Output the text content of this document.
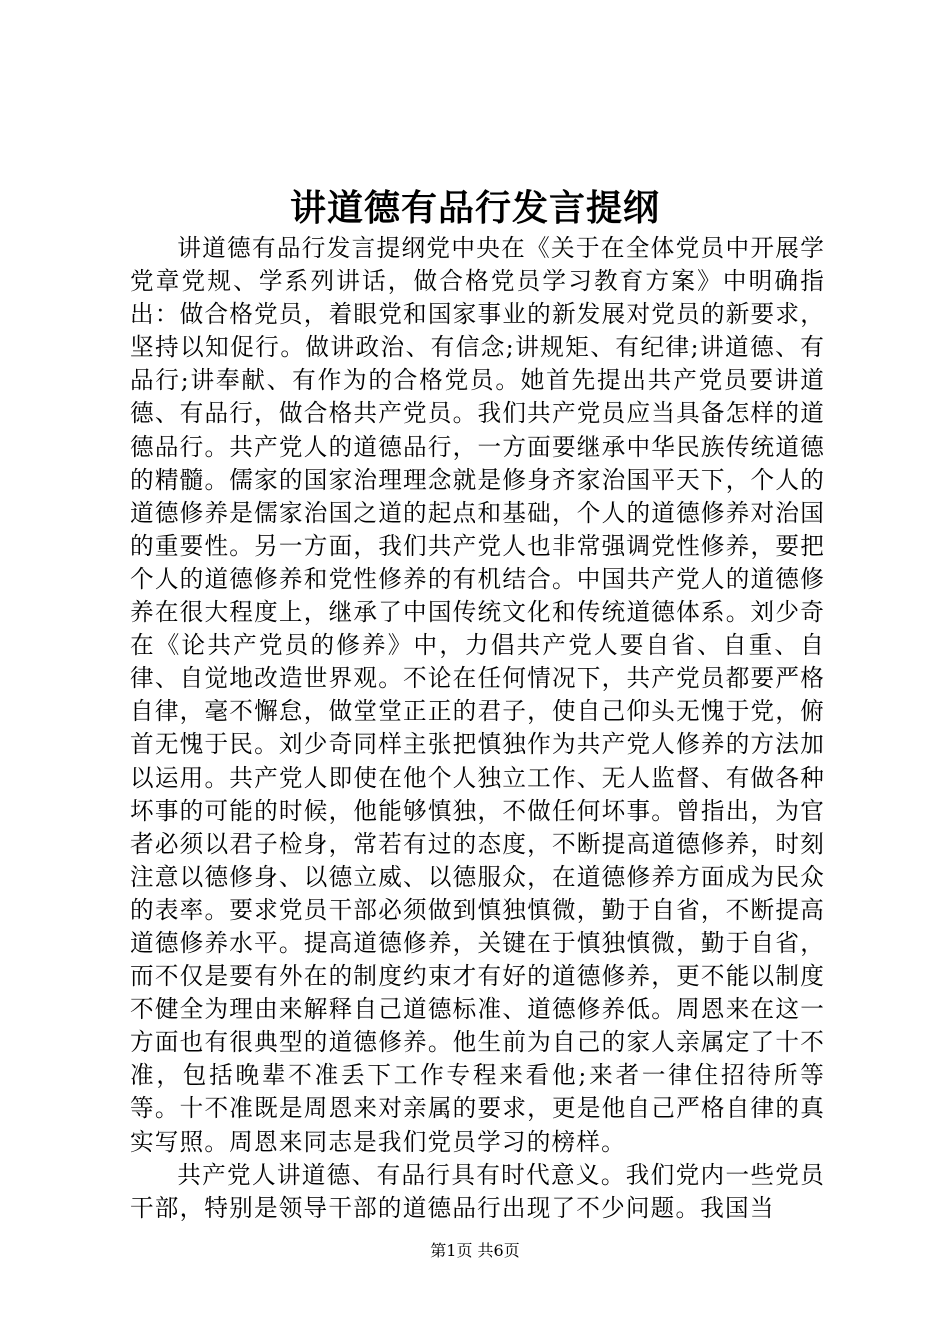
讲道德有品行发言提纲

讲道德有品行发言提纲党中央在《关于在全体党员中开展学党章党规、学系列讲话，做合格党员学习教育方案》中明确指出：做合格党员，着眼党和国家事业的新发展对党员的新要求，坚持以知促行。做讲政治、有信念;讲规矩、有纪律;讲道德、有品行;讲奉献、有作为的合格党员。她首先提出共产党员要讲道德、有品行，做合格共产党员。我们共产党员应当具备怎样的道德品行。共产党人的道德品行，一方面要继承中华民族传统道德的精髓。儒家的国家治理理念就是修身齐家治国平天下，个人的道德修养是儒家治国之道的起点和基础，个人的道德修养对治国的重要性。另一方面，我们共产党人也非常强调党性修养，要把个人的道德修养和党性修养的有机结合。中国共产党人的道德修养在很大程度上，继承了中国传统文化和传统道德体系。刘少奇在《论共产党员的修养》中，力倡共产党人要自省、自重、自律、自觉地改造世界观。不论在任何情况下，共产党员都要严格自律，毫不懈怠，做堂堂正正的君子，使自己仰头无愧于党，俯首无愧于民。刘少奇同样主张把慎独作为共产党人修养的方法加以运用。共产党人即使在他个人独立工作、无人监督、有做各种坏事的可能的时候，他能够慎独，不做任何坏事。曾指出，为官者必须以君子检身，常若有过的态度，不断提高道德修养，时刻注意以德修身、以德立威、以德服众，在道德修养方面成为民众的表率。要求党员干部必须做到慎独慎微，勤于自省，不断提高道德修养水平。提高道德修养，关键在于慎独慎微，勤于自省，而不仅是要有外在的制度约束才有好的道德修养，更不能以制度不健全为理由来解释自己道德标准、道德修养低。周恩来在这一方面也有很典型的道德修养。他生前为自己的家人亲属定了十不准，包括晚辈不准丢下工作专程来看他;来者一律住招待所等等。十不准既是周恩来对亲属的要求，更是他自己严格自律的真实写照。周恩来同志是我们党员学习的榜样。

共产党人讲道德、有品行具有时代意义。我们党内一些党员干部，特别是领导干部的道德品行出现了不少问题。我国当

第1页 共6页
